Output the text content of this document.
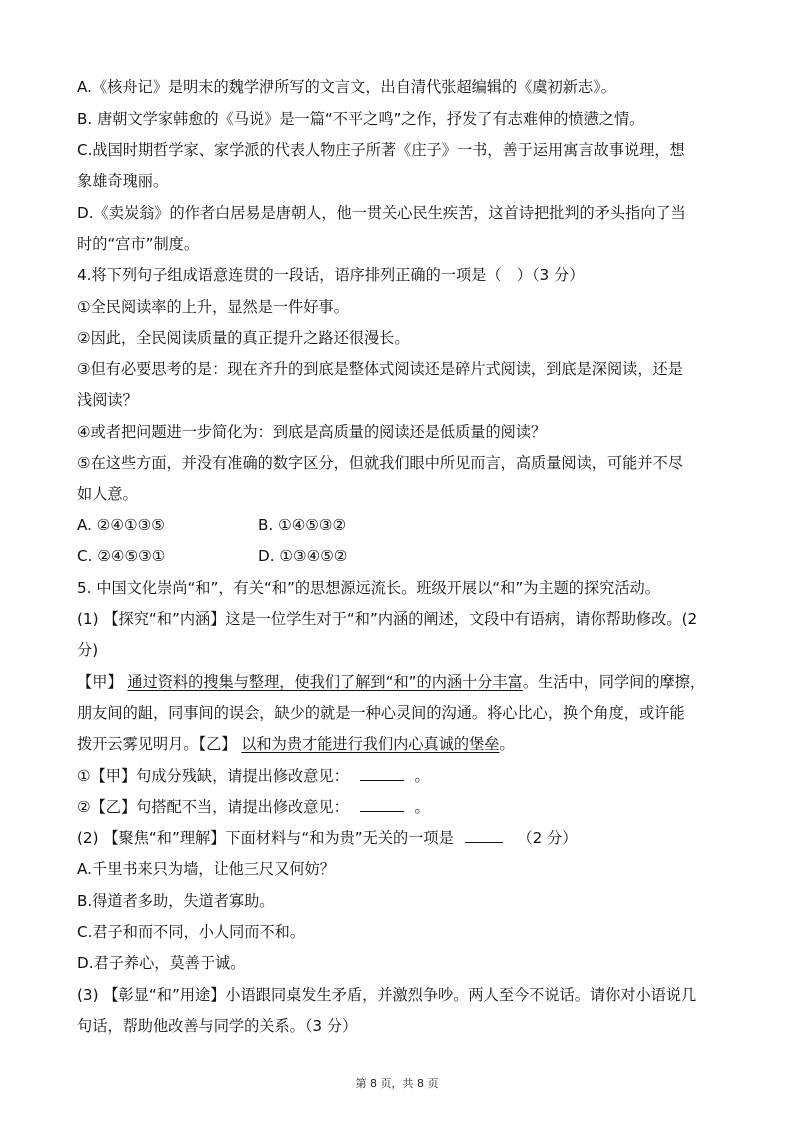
A.《核舟记》是明末的魏学洢所写的文言文，出自清代张超编辑的《虞初新志》。
B. 唐朝文学家韩愈的《马说》是一篇“不平之鸣”之作，抒发了有志难伸的愤懑之情。
C.战国时期哲学家、家学派的代表人物庄子所著《庄子》一书，善于运用寓言故事说理，想
象雄奇瑰丽。
D.《卖炭翁》的作者白居易是唐朝人，他一贯关心民生疾苦，这首诗把批判的矛头指向了当
时的“宫市”制度。
4.将下列句子组成语意连贯的一段话，语序排列正确的一项是（　）（3 分）
①全民阅读率的上升，显然是一件好事。
②因此，全民阅读质量的真正提升之路还很漫长。
③但有必要思考的是：现在齐升的到底是整体式阅读还是碎片式阅读，到底是深阅读，还是
浅阅读？
④或者把问题进一步简化为：到底是高质量的阅读还是低质量的阅读？
⑤在这些方面，并没有准确的数字区分，但就我们眼中所见而言，高质量阅读，可能并不尽
如人意。
A. ②④①③⑤	B. ①④⑤③②
C. ②④⑤③①	D. ①③④⑤②
5. 中国文化崇尚“和”，有关“和”的思想源远流长。班级开展以“和”为主题的探究活动。
(1) 【探究“和”内涵】这是一位学生对于“和”内涵的阐述，文段中有语病，请你帮助修改。(2
分)
【甲】 通过资料的搜集与整理，使我们了解到“和”的内涵十分丰富。生活中，同学间的摩擦，
朋友间的龃，同事间的误会，缺少的就是一种心灵间的沟通。将心比心，换个角度，或许能
拨开云雾见明月。【乙】 以和为贵才能进行我们内心真诚的堡垒。
①【甲】句成分残缺，请提出修改意见：	。
②【乙】句搭配不当，请提出修改意见：	。
(2) 【聚焦“和”理解】下面材料与“和为贵”无关的一项是	（2 分）
A.千里书来只为墙，让他三尺又何妨？
B.得道者多助，失道者寡助。
C.君子和而不同，小人同而不和。
D.君子养心，莫善于诚。
(3) 【彰显“和”用途】小语跟同桌发生矛盾，并激烈争吵。两人至今不说话。请你对小语说几
句话，帮助他改善与同学的关系。（3 分）
第 8 页，共 8 页
